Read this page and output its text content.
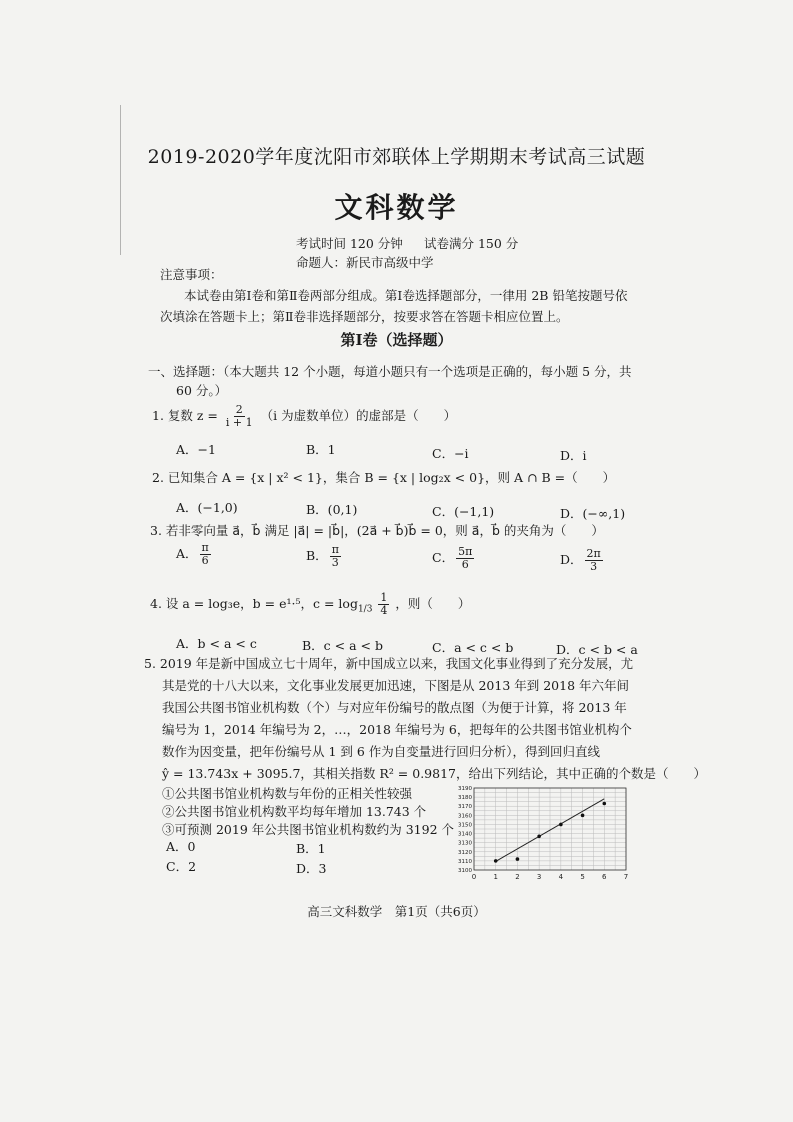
2019-2020学年度沈阳市郊联体上学期期末考试高三试题
文科数学
考试时间 120 分钟 试卷满分 150 分
命题人：新民市高级中学
注意事项：
本试卷由第Ⅰ卷和第Ⅱ卷两部分组成。第Ⅰ卷选择题部分，一律用 2B 铅笔按题号依
次填涂在答题卡上；第Ⅱ卷非选择题部分，按要求答在答题卡相应位置上。
第Ⅰ卷（选择题）
一、选择题：（本大题共 12 个小题，每道小题只有一个选项是正确的，每小题 5 分，共
60 分。）
1. 复数 $z = \frac{2}{i + 1} (i$ 为虚数单位）的虚部是（　　）
A．−1	B．1	C．−i	D．i
2. 已知集合 A = {x | x² < 1}，集合 B = {x | log₂x < 0}，则 A ∩ B =（　　）
A．(−1,0)	B．(0,1)	C．(−1,1)	D．(−∞,1)
3. 若非零向量 a⃗，b⃗ 满足 |a⃗| = |b⃗|，(2a⃗ + b⃗)b⃗ = 0，则 a⃗，b⃗ 的夹角为（　　）
A． $\frac{\pi}{6}$	B． $\frac{\pi}{3}$	C． $\frac{5\pi}{6}$	D． $\frac{2\pi}{3}$
4. 设 a = log₃e，b = e¹·⁵，$c = \log_{1/3} \frac{1}{4}$ ，则（　　）
A．b < a < c	B．c < a < b	C．a < c < b	D．c < b < a
5. 2019 年是新中国成立七十周年，新中国成立以来，我国文化事业得到了充分发展，尤
其是党的十八大以来，文化事业发展更加迅速，下图是从 2013 年到 2018 年六年间
我国公共图书馆业机构数（个）与对应年份编号的散点图（为便于计算，将 2013 年
编号为 1，2014 年编号为 2，…，2018 年编号为 6，把每年的公共图书馆业机构个
数作为因变量，把年份编号从 1 到 6 作为自变量进行回归分析），得到回归直线
ŷ = 13.743x + 3095.7，其相关指数 R² = 0.9817，给出下列结论，其中正确的个数是（　　）
①公共图书馆业机构数与年份的正相关性较强
②公共图书馆业机构数平均每年增加 13.743 个
③可预测 2019 年公共图书馆业机构数约为 3192 个
A．0	B．1
C．2	D．3	3100
3110
3120
3130
3140
3150
3160
3170
3180
3190
0 1 2 3 4 5 6 7
高三文科数学　第1页（共6页）
